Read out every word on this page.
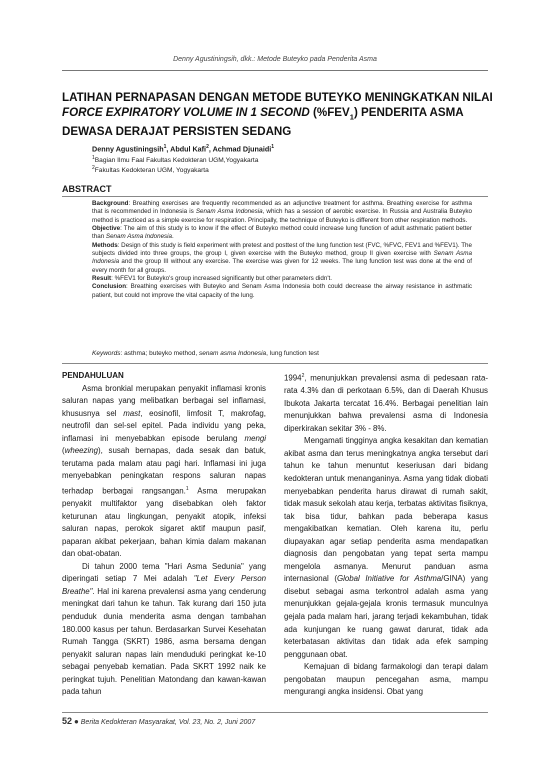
Denny Agustiningsih, dkk.: Metode Buteyko pada Penderita Asma
LATIHAN PERNAPASAN DENGAN METODE BUTEYKO MENINGKATKAN NILAI
FORCE EXPIRATORY VOLUME IN 1 SECOND $(\%FEV_1)$ PENDERITA ASMA
DEWASA DERAJAT PERSISTEN SEDANG
Denny Agustiningsih$^1$, Abdul Kafi$^2$, Achmad Djunaidi$^1$
$^1$Bagian Ilmu Faal Fakultas Kedokteran UGM,Yogyakarta
$^2$Fakultas Kedokteran UGM, Yogyakarta
ABSTRACT

Background: Breathing exercises are frequently recommended as an adjunctive treatment for asthma. Breathing exercise for asthma that is recommended in Indonesia is Senam Asma Indonesia, which has a session of aerobic exercise. In Russia and Australia Buteyko method is practiced as a simple exercise for respiration. Principally, the technique of Buteyko is different from other respiration methods.

Objective: The aim of this study is to know if the effect of Buteyko method could increase lung function of adult asthmatic patient better than Senam Asma Indonesia.

Methods: Design of this study is field experiment with pretest and posttest of the lung function test (FVC, %FVC, FEV1 and %FEV1). The subjects divided into three groups, the group I, given exercise with the Buteyko method, group II given exercise with Senam Asma Indonesia and the group III without any exercise. The exercise was given for 12 weeks. The lung function test was done at the end of every month for all groups.

Result: %FEV1 for Buteyko's group increased significantly but other parameters didn't.

Conclusion: Breathing exercises with Buteyko and Senam Asma Indonesia both could decrease the airway resistance in asthmatic patient, but could not improve the vital capacity of the lung.

Keywords: asthma; buteyko method, senam asma Indonesia, lung function test
PENDAHULUAN

Asma bronkial merupakan penyakit inflamasi kronis saluran napas yang melibatkan berbagai sel inflamasi, khususnya sel mast, eosinofil, limfosit T, makrofag, neutrofil dan sel-sel epitel. Pada individu yang peka, inflamasi ini menyebabkan episode berulang mengi (wheezing), susah bernapas, dada sesak dan batuk, terutama pada malam atau pagi hari. Inflamasi ini juga menyebabkan peningkatan respons saluran napas terhadap berbagai rangsangan.$^1$ Asma merupakan penyakit multifaktor yang disebabkan oleh faktor keturunan atau lingkungan, penyakit atopik, infeksi saluran napas, perokok sigaret aktif maupun pasif, paparan akibat pekerjaan, bahan kimia dalam makanan dan obat-obatan.

Di tahun 2000 tema "Hari Asma Sedunia" yang diperingati setiap 7 Mei adalah "Let Every Person Breathe". Hal ini karena prevalensi asma yang cenderung meningkat dari tahun ke tahun. Tak kurang dari 150 juta penduduk dunia menderita asma dengan tambahan 180.000 kasus per tahun. Berdasarkan Survei Kesehatan Rumah Tangga (SKRT) 1986, asma bersama dengan penyakit saluran napas lain menduduki peringkat ke-10 sebagai penyebab kematian. Pada SKRT 1992 naik ke peringkat tujuh. Penelitian Matondang dan kawan-kawan pada tahun

1994$^2$, menunjukkan prevalensi asma di pedesaan rata-rata 4.3% dan di perkotaan 6.5%, dan di Daerah Khusus Ibukota Jakarta tercatat 16.4%. Berbagai penelitian lain menunjukkan bahwa prevalensi asma di Indonesia diperkirakan sekitar 3% - 8%.

Mengamati tingginya angka kesakitan dan kematian akibat asma dan terus meningkatnya angka tersebut dari tahun ke tahun menuntut keseriusan dari bidang kedokteran untuk menanganinya. Asma yang tidak diobati menyebabkan penderita harus dirawat di rumah sakit, tidak masuk sekolah atau kerja, terbatas aktivitas fisiknya, tak bisa tidur, bahkan pada beberapa kasus mengakibatkan kematian. Oleh karena itu, perlu diupayakan agar setiap penderita asma mendapatkan diagnosis dan pengobatan yang tepat serta mampu mengelola asmanya. Menurut panduan asma internasional (Global Initiative for Asthma/GINA) yang disebut sebagai asma terkontrol adalah asma yang menunjukkan gejala-gejala kronis termasuk munculnya gejala pada malam hari, jarang terjadi kekambuhan, tidak ada kunjungan ke ruang gawat darurat, tidak ada keterbatasan aktivitas dan tidak ada efek samping penggunaan obat.

Kemajuan di bidang farmakologi dan terapi dalam pengobatan maupun pencegahan asma, mampu mengurangi angka insidensi. Obat yang

52 ● Berita Kedokteran Masyarakat, Vol. 23, No. 2, Juni 2007
